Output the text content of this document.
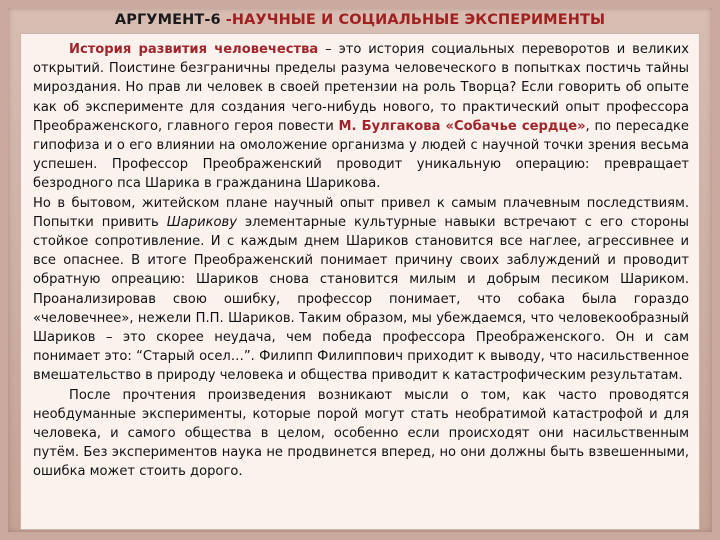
АРГУМЕНТ-6 -НАУЧНЫЕ И СОЦИАЛЬНЫЕ ЭКСПЕРИМЕНТЫ

История развития человечества – это история социальных переворотов и великих открытий. Поистине безграничны пределы разума человеческого в попытках постичь тайны мироздания. Но прав ли человек в своей претензии на роль Творца? Если говорить об опыте как об эксперименте для создания чего-нибудь нового, то практический опыт профессора Преображенского, главного героя повести М. Булгакова «Собачье сердце», по пересадке гипофиза и о его влиянии на омоложение организма у людей с научной точки зрения весьма успешен. Профессор Преображенский проводит уникальную операцию: превращает безродного пса Шарика в гражданина Шарикова.

Но в бытовом, житейском плане научный опыт привел к самым плачевным последствиям. Попытки привить Шарикову элементарные культурные навыки встречают с его стороны стойкое сопротивление. И с каждым днем Шариков становится все наглее, агрессивнее и все опаснее. В итоге Преображенский понимает причину своих заблуждений и проводит обратную опреацию: Шариков снова становится милым и добрым песиком Шариком. Проанализировав свою ошибку, профессор понимает, что собака была гораздо «человечнее», нежели П.П. Шариков. Таким образом, мы убеждаемся, что человекообразный Шариков – это скорее неудача, чем победа профессора Преображенского. Он и сам понимает это: “Старый осел…”. Филипп Филиппович приходит к выводу, что насильственное вмешательство в природу человека и общества приводит к катастрофическим результатам.

После прочтения произведения возникают мысли о том, как часто проводятся необдуманные эксперименты, которые порой могут стать необратимой катастрофой и для человека, и самого общества в целом, особенно если происходят они насильственным путём. Без экспериментов наука не продвинется вперед, но они должны быть взвешенными, ошибка может стоить дорого.
